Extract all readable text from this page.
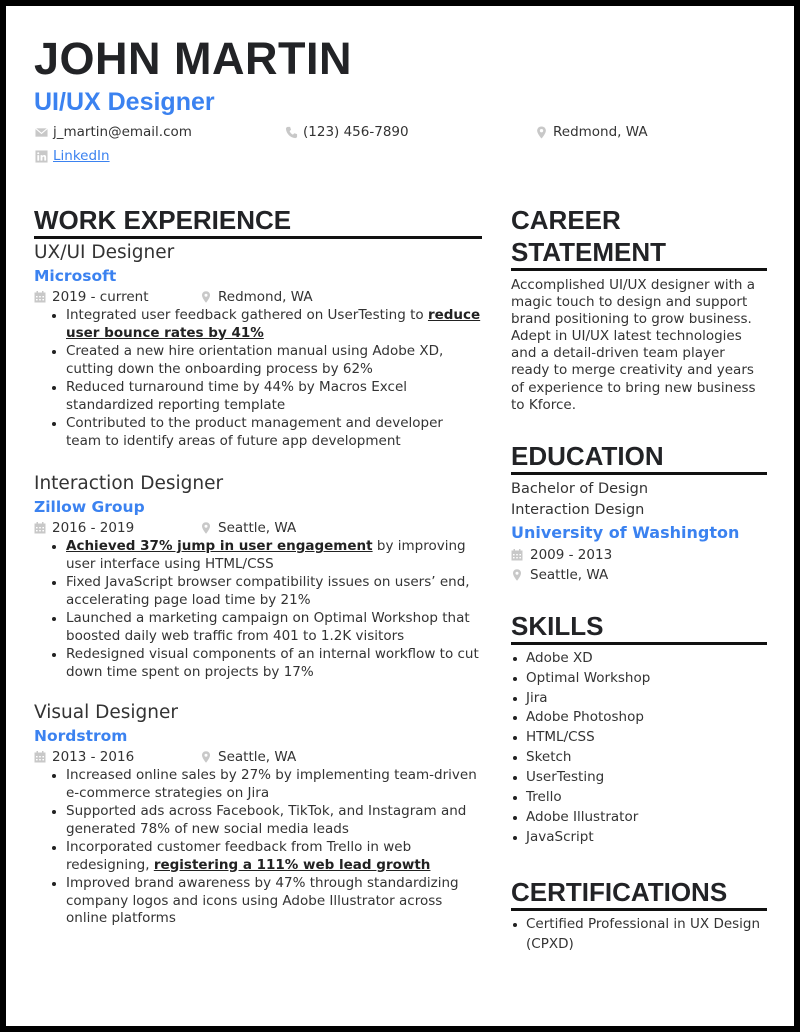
JOHN MARTIN
UI/UX Designer
j_martin@email.com	(123) 456-7890	Redmond, WA
LinkedIn
WORK EXPERIENCE
UX/UI Designer
Microsoft
2019 - current	Redmond, WA
Integrated user feedback gathered on UserTesting to reduce user bounce rates by 41%
Created a new hire orientation manual using Adobe XD, cutting down the onboarding process by 62%
Reduced turnaround time by 44% by Macros Excel standardized reporting template
Contributed to the product management and developer team to identify areas of future app development
Interaction Designer
Zillow Group
2016 - 2019	Seattle, WA
Achieved 37% jump in user engagement by improving user interface using HTML/CSS
Fixed JavaScript browser compatibility issues on users’ end, accelerating page load time by 21%
Launched a marketing campaign on Optimal Workshop that boosted daily web traffic from 401 to 1.2K visitors
Redesigned visual components of an internal workflow to cut down time spent on projects by 17%
Visual Designer
Nordstrom
2013 - 2016	Seattle, WA
Increased online sales by 27% by implementing team-driven e-commerce strategies on Jira
Supported ads across Facebook, TikTok, and Instagram and generated 78% of new social media leads
Incorporated customer feedback from Trello in web redesigning, registering a 111% web lead growth
Improved brand awareness by 47% through standardizing company logos and icons using Adobe Illustrator across online platforms
CAREER STATEMENT
Accomplished UI/UX designer with a magic touch to design and support brand positioning to grow business. Adept in UI/UX latest technologies and a detail-driven team player ready to merge creativity and years of experience to bring new business to Kforce.
EDUCATION
Bachelor of Design
Interaction Design
University of Washington
2009 - 2013
Seattle, WA
SKILLS
Adobe XD
Optimal Workshop
Jira
Adobe Photoshop
HTML/CSS
Sketch
UserTesting
Trello
Adobe Illustrator
JavaScript
CERTIFICATIONS
Certified Professional in UX Design (CPXD)
